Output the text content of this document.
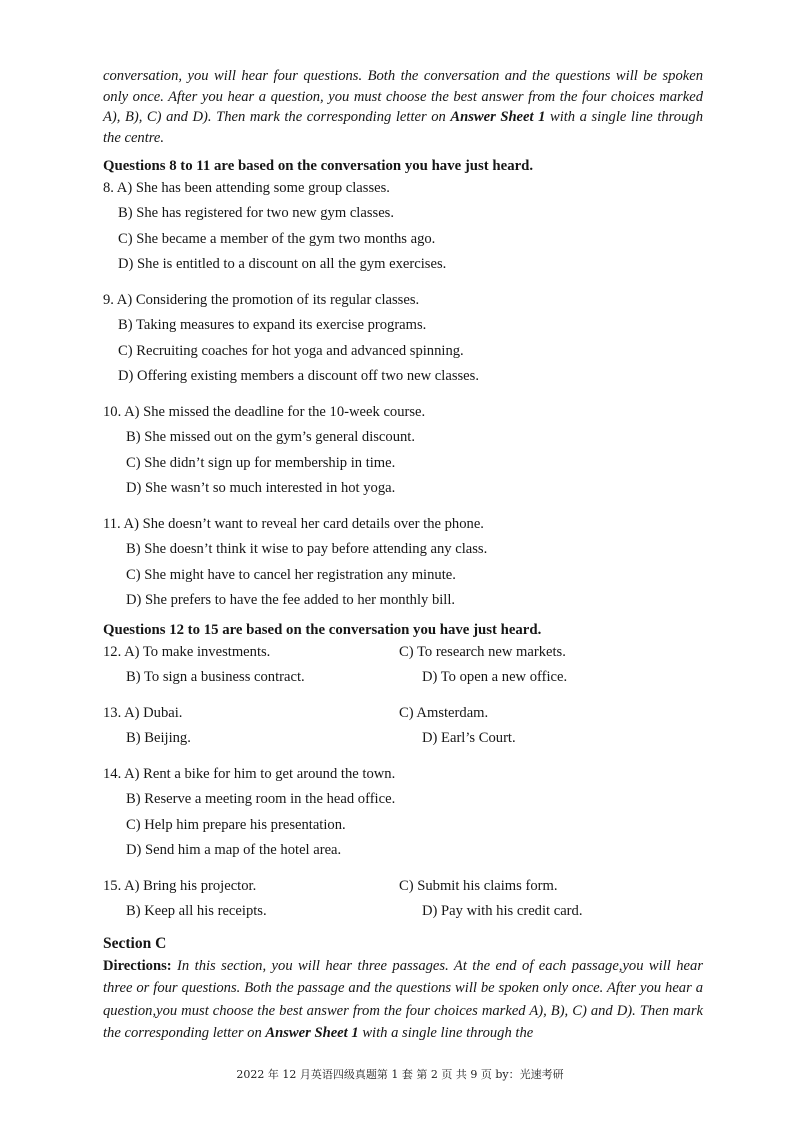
conversation, you will hear four questions. Both the conversation and the questions will be spoken only once. After you hear a question, you must choose the best answer from the four choices marked A), B), C) and D). Then mark the corresponding letter on Answer Sheet 1 with a single line through the centre.

Questions 8 to 11 are based on the conversation you have just heard.

8. A) She has been attending some group classes.
B) She has registered for two new gym classes.
C) She became a member of the gym two months ago.
D) She is entitled to a discount on all the gym exercises.
9. A) Considering the promotion of its regular classes.
B) Taking measures to expand its exercise programs.
C) Recruiting coaches for hot yoga and advanced spinning.
D) Offering existing members a discount off two new classes.
10. A) She missed the deadline for the 10-week course.
B) She missed out on the gym’s general discount.
C) She didn’t sign up for membership in time.
D) She wasn’t so much interested in hot yoga.
11. A) She doesn’t want to reveal her card details over the phone.
B) She doesn’t think it wise to pay before attending any class.
C) She might have to cancel her registration any minute.
D) She prefers to have the fee added to her monthly bill.

Questions 12 to 15 are based on the conversation you have just heard.

12. A) To make investments.	C) To research new markets.
B) To sign a business contract.	D) To open a new office.
13. A) Dubai.	C) Amsterdam.
B) Beijing.	D) Earl’s Court.
14. A) Rent a bike for him to get around the town.
B) Reserve a meeting room in the head office.
C) Help him prepare his presentation.
D) Send him a map of the hotel area.
15. A) Bring his projector.	C) Submit his claims form.
B) Keep all his receipts.	D) Pay with his credit card.

Section C

Directions: In this section, you will hear three passages. At the end of each passage,you will hear three or four questions. Both the passage and the questions will be spoken only once. After you hear a question,you must choose the best answer from the four choices marked A), B), C) and D). Then mark the corresponding letter on Answer Sheet 1 with a single line through the

2022 年 12 月英语四级真题第 1 套 第 2 页 共 9 页 by：光速考研
